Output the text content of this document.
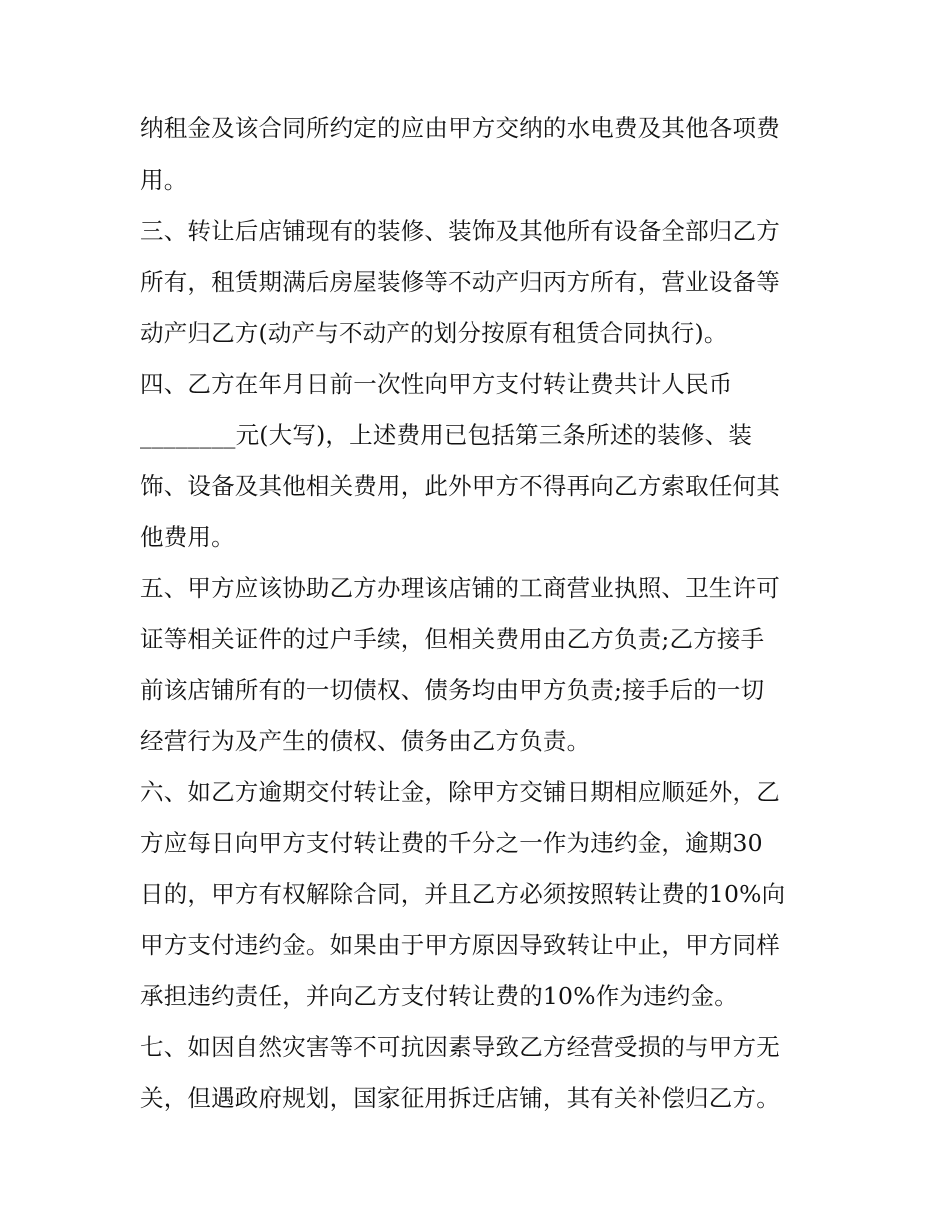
纳租金及该合同所约定的应由甲方交纳的水电费及其他各项费
用。
三、转让后店铺现有的装修、装饰及其他所有设备全部归乙方
所有，租赁期满后房屋装修等不动产归丙方所有，营业设备等
动产归乙方(动产与不动产的划分按原有租赁合同执行)。
四、乙方在年月日前一次性向甲方支付转让费共计人民币
________元(大写)，上述费用已包括第三条所述的装修、装
饰、设备及其他相关费用，此外甲方不得再向乙方索取任何其
他费用。
五、甲方应该协助乙方办理该店铺的工商营业执照、卫生许可
证等相关证件的过户手续，但相关费用由乙方负责;乙方接手
前该店铺所有的一切债权、债务均由甲方负责;接手后的一切
经营行为及产生的债权、债务由乙方负责。
六、如乙方逾期交付转让金，除甲方交铺日期相应顺延外，乙
方应每日向甲方支付转让费的千分之一作为违约金，逾期30
日的，甲方有权解除合同，并且乙方必须按照转让费的10%向
甲方支付违约金。如果由于甲方原因导致转让中止，甲方同样
承担违约责任，并向乙方支付转让费的10%作为违约金。
七、如因自然灾害等不可抗因素导致乙方经营受损的与甲方无
关，但遇政府规划，国家征用拆迁店铺，其有关补偿归乙方。
